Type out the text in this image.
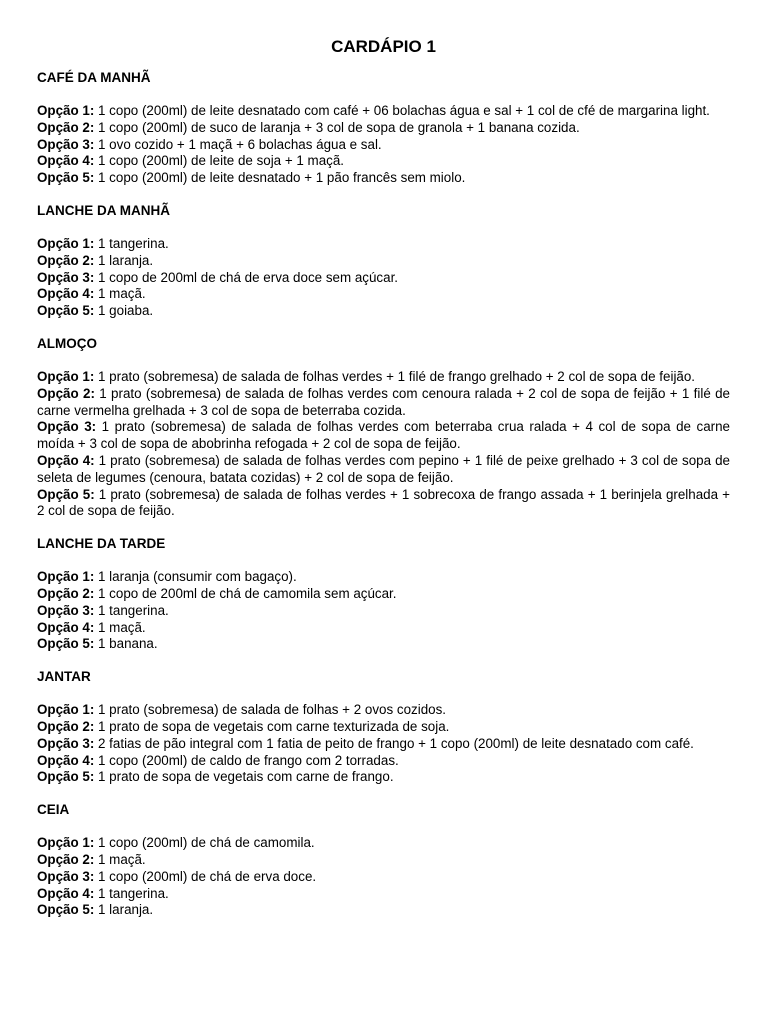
CARDÁPIO 1
CAFÉ DA MANHÃ

Opção 1: 1 copo (200ml) de leite desnatado com café + 06 bolachas água e sal + 1 col de cfé de margarina light.

Opção 2: 1 copo (200ml) de suco de laranja + 3 col de sopa de granola + 1 banana cozida.

Opção 3: 1 ovo cozido + 1 maçã + 6 bolachas água e sal.

Opção 4: 1 copo (200ml) de leite de soja + 1 maçã.

Opção 5: 1 copo (200ml) de leite desnatado + 1 pão francês sem miolo.

LANCHE DA MANHÃ

Opção 1: 1 tangerina.

Opção 2: 1 laranja.

Opção 3: 1 copo de 200ml de chá de erva doce sem açúcar.

Opção 4: 1 maçã.

Opção 5: 1 goiaba.

ALMOÇO

Opção 1: 1 prato (sobremesa) de salada de folhas verdes + 1 filé de frango grelhado + 2 col de sopa de feijão.

Opção 2: 1 prato (sobremesa) de salada de folhas verdes com cenoura ralada + 2 col de sopa de feijão + 1 filé de carne vermelha grelhada + 3 col de sopa de beterraba cozida.

Opção 3: 1 prato (sobremesa) de salada de folhas verdes com beterraba crua ralada + 4 col de sopa de carne moída + 3 col de sopa de abobrinha refogada + 2 col de sopa de feijão.

Opção 4: 1 prato (sobremesa) de salada de folhas verdes com pepino + 1 filé de peixe grelhado + 3 col de sopa de seleta de legumes (cenoura, batata cozidas) + 2 col de sopa de feijão.

Opção 5: 1 prato (sobremesa) de salada de folhas verdes + 1 sobrecoxa de frango assada + 1 berinjela grelhada + 2 col de sopa de feijão.

LANCHE DA TARDE

Opção 1: 1 laranja (consumir com bagaço).

Opção 2: 1 copo de 200ml de chá de camomila sem açúcar.

Opção 3: 1 tangerina.

Opção 4: 1 maçã.

Opção 5: 1 banana.

JANTAR

Opção 1: 1 prato (sobremesa) de salada de folhas + 2 ovos cozidos.

Opção 2: 1 prato de sopa de vegetais com carne texturizada de soja.

Opção 3: 2 fatias de pão integral com 1 fatia de peito de frango + 1 copo (200ml) de leite desnatado com café.

Opção 4: 1 copo (200ml) de caldo de frango com 2 torradas.

Opção 5: 1 prato de sopa de vegetais com carne de frango.

CEIA

Opção 1: 1 copo (200ml) de chá de camomila.

Opção 2: 1 maçã.

Opção 3: 1 copo (200ml) de chá de erva doce.

Opção 4: 1 tangerina.

Opção 5: 1 laranja.
